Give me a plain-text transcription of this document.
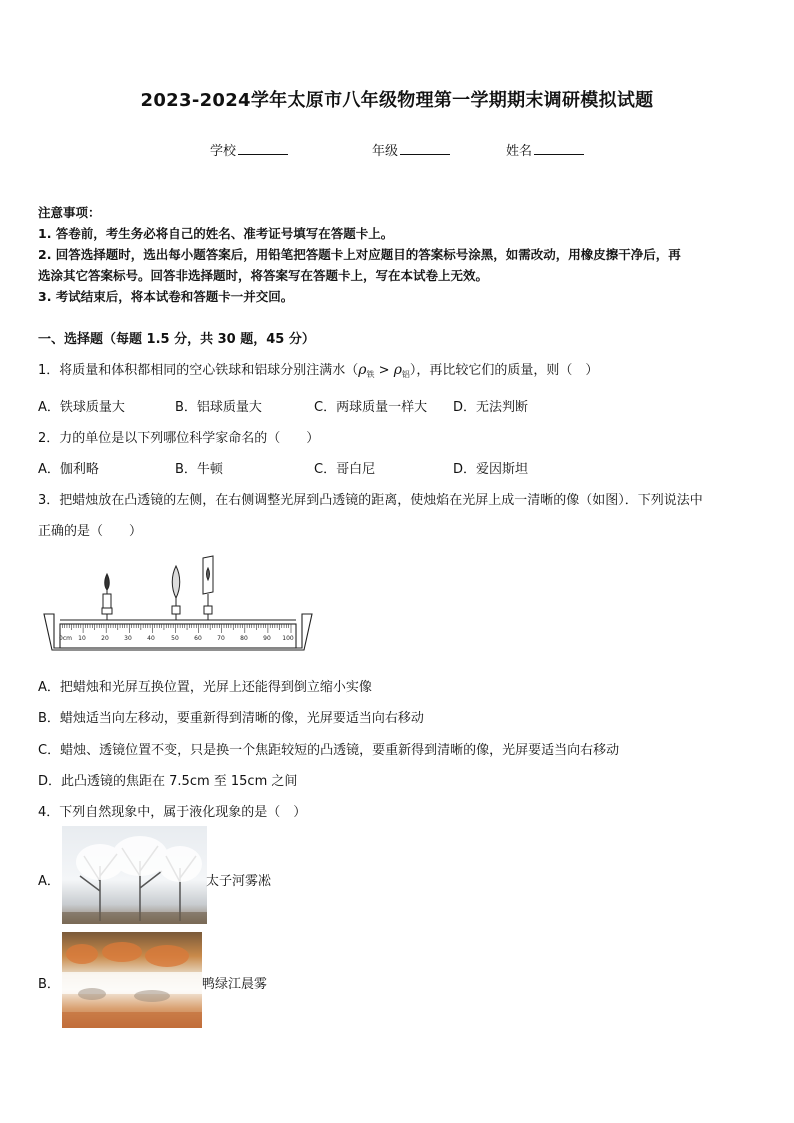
2023-2024学年太原市八年级物理第一学期期末调研模拟试题
学校	年级	姓名
注意事项：
1. 答卷前，考生务必将自己的姓名、准考证号填写在答题卡上。
2. 回答选择题时，选出每小题答案后，用铅笔把答题卡上对应题目的答案标号涂黑，如需改动，用橡皮擦干净后，再
选涂其它答案标号。回答非选择题时，将答案写在答题卡上，写在本试卷上无效。
3. 考试结束后，将本试卷和答题卡一并交回。
一、选择题（每题 1.5 分，共 30 题，45 分）
1．将质量和体积都相同的空心铁球和铝球分别注满水$(\rho_铁 > \rho_铝)$，再比较它们的质量，则（　）
A．铁球质量大	B．铝球质量大	C．两球质量一样大 D．无法判断
2．力的单位是以下列哪位科学家命名的（　　）
A．伽利略	B．牛顿	C．哥白尼	D．爱因斯坦
3．把蜡烛放在凸透镜的左侧，在右侧调整光屏到凸透镜的距离，使烛焰在光屏上成一清晰的像（如图）．下列说法中
正确的是（　　）
0cm 10	20	30	40	50	60	70	80	90 100
A．把蜡烛和光屏互换位置，光屏上还能得到倒立缩小实像
B．蜡烛适当向左移动，要重新得到清晰的像，光屏要适当向右移动
C．蜡烛、透镜位置不变，只是换一个焦距较短的凸透镜，要重新得到清晰的像，光屏要适当向右移动
D．此凸透镜的焦距在 7.5cm 至 15cm 之间
4．下列自然现象中，属于液化现象的是（　）
A．	太子河雾凇
B．	鸭绿江晨雾
